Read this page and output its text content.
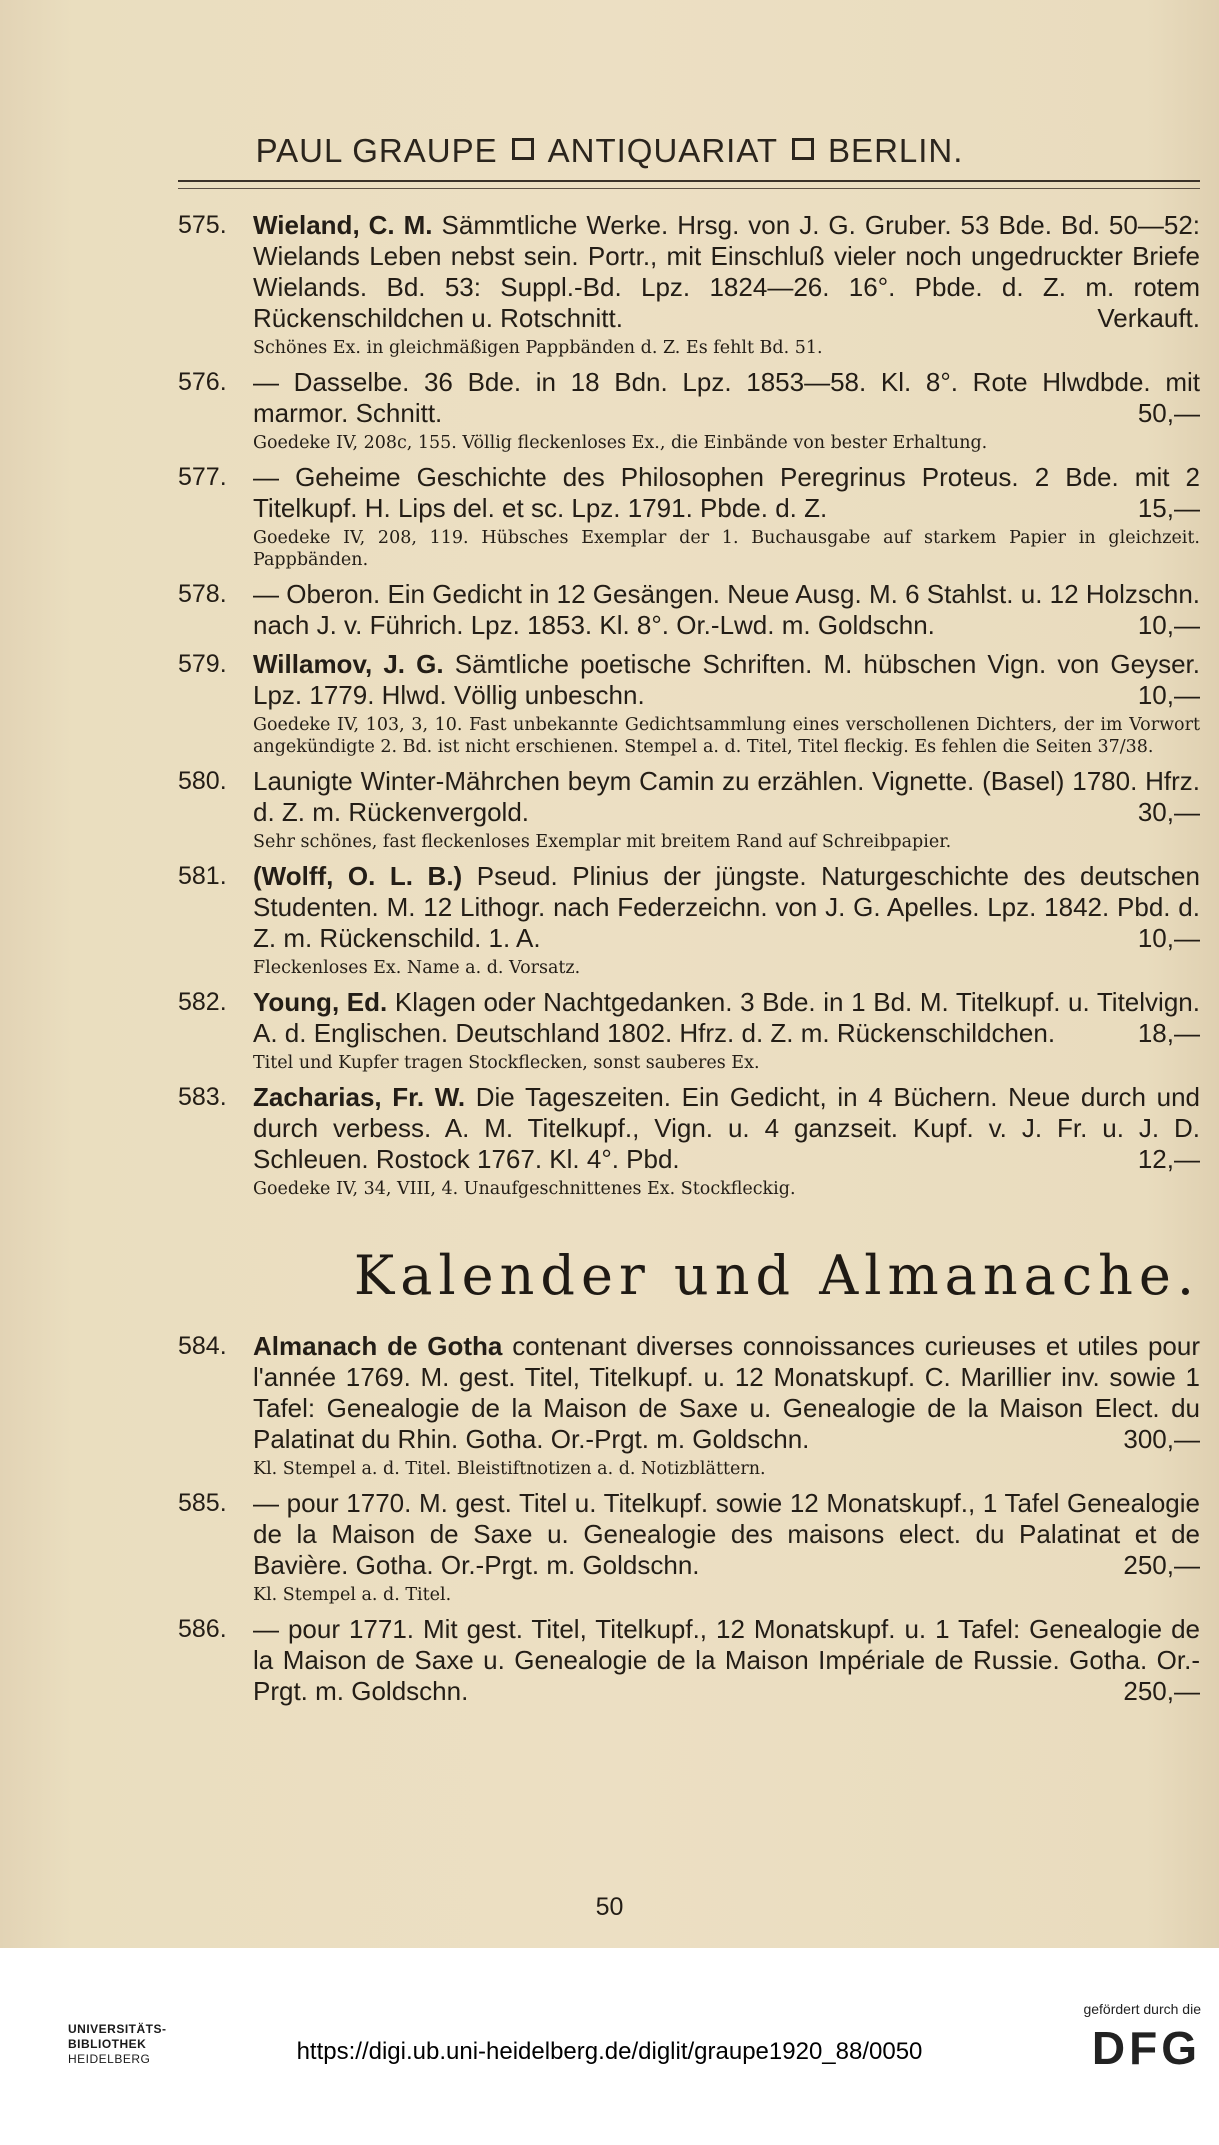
PAUL GRAUPE ANTIQUARIAT BERLIN.
575. Wieland, C. M. Sämmtliche Werke. Hrsg. von J. G. Gruber. 53 Bde. Bd. 50—52: Wielands Leben nebst sein. Portr., mit Einschluß vieler noch ungedruckter Briefe Wielands. Bd. 53: Suppl.-Bd. Lpz. 1824—26. 16°. Pbde. d. Z. m. rotem Rückenschildchen u. Rotschnitt.	Verkauft.
Schönes Ex. in gleichmäßigen Pappbänden d. Z. Es fehlt Bd. 51.
576. — Dasselbe. 36 Bde. in 18 Bdn. Lpz. 1853—58. Kl. 8°. Rote Hlwdbde. mit marmor. Schnitt.	50,—
Goedeke IV, 208c, 155. Völlig fleckenloses Ex., die Einbände von bester Erhaltung.
577. — Geheime Geschichte des Philosophen Peregrinus Proteus. 2 Bde. mit 2 Titelkupf. H. Lips del. et sc. Lpz. 1791. Pbde. d. Z.	15,—
Goedeke IV, 208, 119. Hübsches Exemplar der 1. Buchausgabe auf starkem Papier in gleichzeit. Pappbänden.
578. — Oberon. Ein Gedicht in 12 Gesängen. Neue Ausg. M. 6 Stahlst. u. 12 Holzschn. nach J. v. Führich. Lpz. 1853. Kl. 8°. Or.-Lwd. m. Goldschn.	10,—
579. Willamov, J. G. Sämtliche poetische Schriften. M. hübschen Vign. von Geyser. Lpz. 1779. Hlwd. Völlig unbeschn.	10,—
Goedeke IV, 103, 3, 10. Fast unbekannte Gedichtsammlung eines verschollenen Dichters, der im Vorwort angekündigte 2. Bd. ist nicht erschienen. Stempel a. d. Titel, Titel fleckig. Es fehlen die Seiten 37/38.
580. Launigte Winter-Mährchen beym Camin zu erzählen. Vignette. (Basel) 1780. Hfrz. d. Z. m. Rückenvergold.	30,—
Sehr schönes, fast fleckenloses Exemplar mit breitem Rand auf Schreibpapier.
581. (Wolff, O. L. B.) Pseud. Plinius der jüngste. Naturgeschichte des deutschen Studenten. M. 12 Lithogr. nach Federzeichn. von J. G. Apelles. Lpz. 1842. Pbd. d. Z. m. Rückenschild. 1. A.	10,—
Fleckenloses Ex. Name a. d. Vorsatz.
582. Young, Ed. Klagen oder Nachtgedanken. 3 Bde. in 1 Bd. M. Titelkupf. u. Titelvign. A. d. Englischen. Deutschland 1802. Hfrz. d. Z. m. Rückenschildchen.	18,—
Titel und Kupfer tragen Stockflecken, sonst sauberes Ex.
583. Zacharias, Fr. W. Die Tageszeiten. Ein Gedicht, in 4 Büchern. Neue durch und durch verbess. A. M. Titelkupf., Vign. u. 4 ganzseit. Kupf. v. J. Fr. u. J. D. Schleuen. Rostock 1767. Kl. 4°. Pbd.	12,—
Goedeke IV, 34, VIII, 4. Unaufgeschnittenes Ex. Stockfleckig.
Kalender und Almanache.
584. Almanach de Gotha contenant diverses connoissances curieuses et utiles pour l'année 1769. M. gest. Titel, Titelkupf. u. 12 Monatskupf. C. Marillier inv. sowie 1 Tafel: Genealogie de la Maison de Saxe u. Genealogie de la Maison Elect. du Palatinat du Rhin. Gotha. Or.-Prgt. m. Goldschn.	300,—
Kl. Stempel a. d. Titel. Bleistiftnotizen a. d. Notizblättern.
585. — pour 1770. M. gest. Titel u. Titelkupf. sowie 12 Monatskupf., 1 Tafel Genealogie de la Maison de Saxe u. Genealogie des maisons elect. du Palatinat et de Bavière. Gotha. Or.-Prgt. m. Goldschn.	250,—
Kl. Stempel a. d. Titel.
586. — pour 1771. Mit gest. Titel, Titelkupf., 12 Monatskupf. u. 1 Tafel: Genealogie de la Maison de Saxe u. Genealogie de la Maison Impériale de Russie. Gotha. Or.-Prgt. m. Goldschn.	250,—
50
UNIVERSITÄTS-
BIBLIOTHEK
HEIDELBERG	https://digi.ub.uni-heidelberg.de/diglit/graupe1920_88/0050
gefördert durch die
DFG
